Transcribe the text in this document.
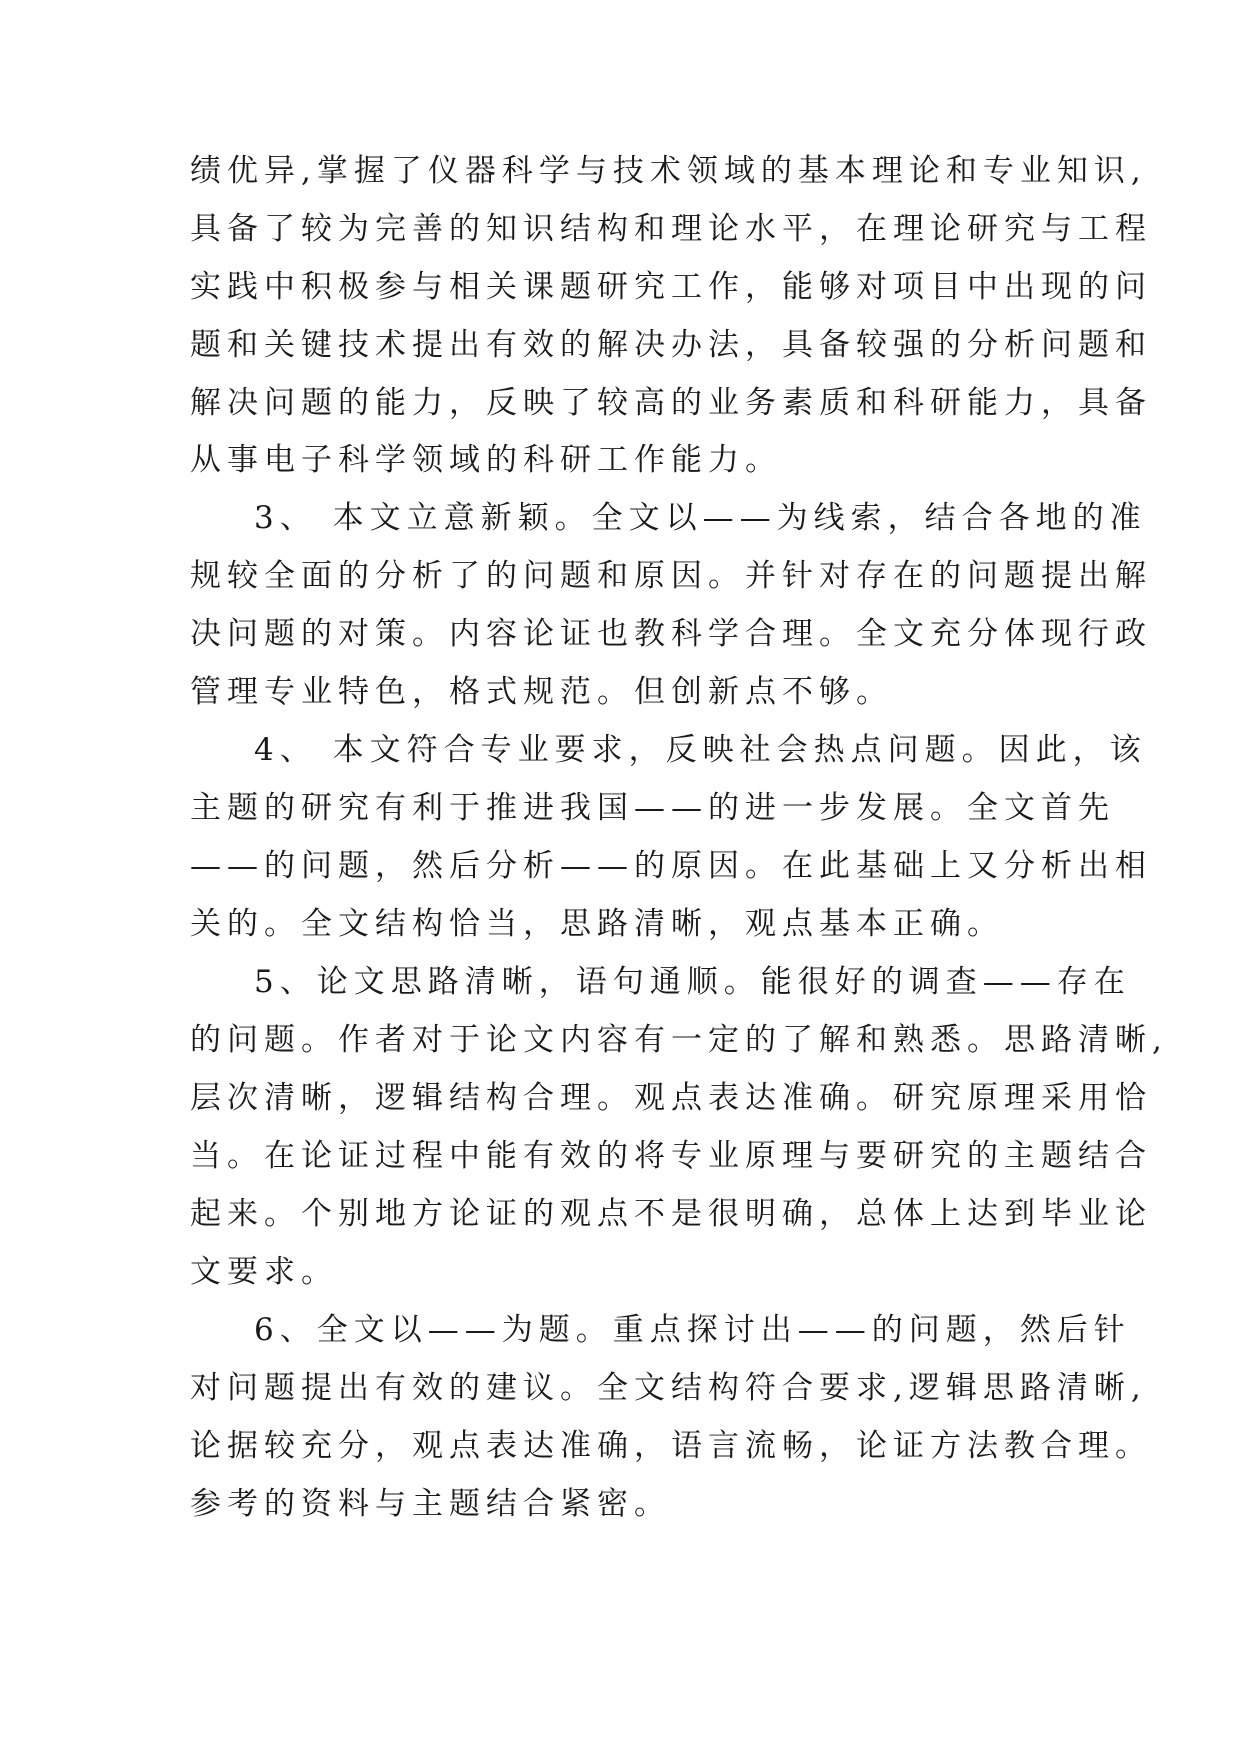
绩优异,掌握了仪器科学与技术领域的基本理论和专业知识,
具备了较为完善的知识结构和理论水平，在理论研究与工程
实践中积极参与相关课题研究工作，能够对项目中出现的问
题和关键技术提出有效的解决办法，具备较强的分析问题和
解决问题的能力，反映了较高的业务素质和科研能力，具备
从事电子科学领域的科研工作能力。
3、 本文立意新颖。全文以——为线索，结合各地的准
规较全面的分析了的问题和原因。并针对存在的问题提出解
决问题的对策。内容论证也教科学合理。全文充分体现行政
管理专业特色，格式规范。但创新点不够。
4、 本文符合专业要求，反映社会热点问题。因此，该
主题的研究有利于推进我国——的进一步发展。全文首先
——的问题，然后分析——的原因。在此基础上又分析出相
关的。全文结构恰当，思路清晰，观点基本正确。
5、论文思路清晰，语句通顺。能很好的调查——存在
的问题。作者对于论文内容有一定的了解和熟悉。思路清晰,
层次清晰，逻辑结构合理。观点表达准确。研究原理采用恰
当。在论证过程中能有效的将专业原理与要研究的主题结合
起来。个别地方论证的观点不是很明确，总体上达到毕业论
文要求。
6、全文以——为题。重点探讨出——的问题，然后针
对问题提出有效的建议。全文结构符合要求,逻辑思路清晰,
论据较充分，观点表达准确，语言流畅，论证方法教合理。
参考的资料与主题结合紧密。
